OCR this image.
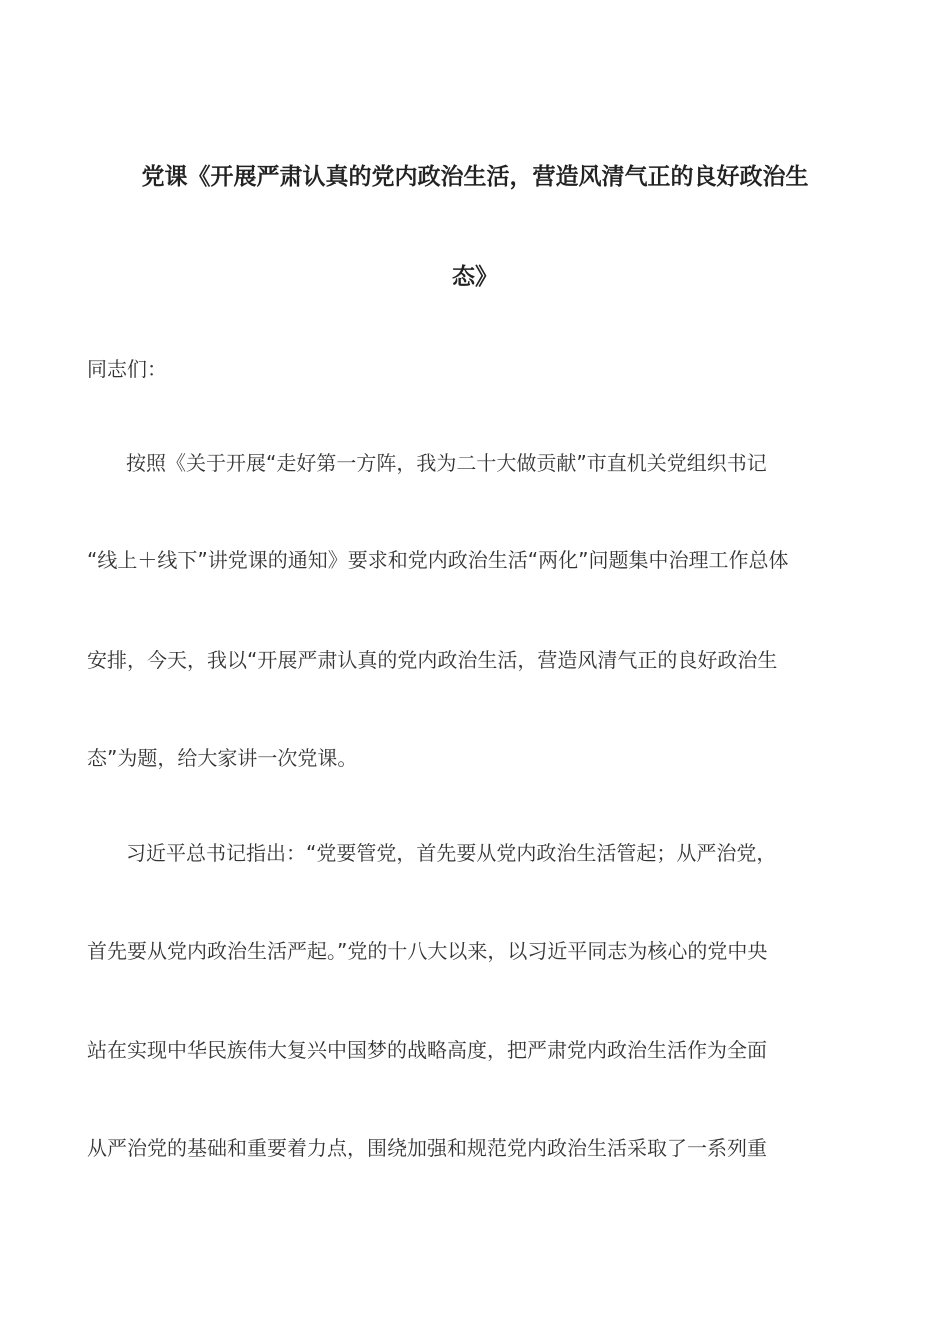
党课《开展严肃认真的党内政治生活，营造风清气正的良好政治生
态》
同志们：
按照《关于开展“走好第一方阵，我为二十大做贡献”市直机关党组织书记
“线上＋线下”讲党课的通知》要求和党内政治生活“两化”问题集中治理工作总体
安排，今天，我以“开展严肃认真的党内政治生活，营造风清气正的良好政治生
态”为题，给大家讲一次党课。
习近平总书记指出：“党要管党，首先要从党内政治生活管起；从严治党，
首先要从党内政治生活严起。”党的十八大以来，以习近平同志为核心的党中央
站在实现中华民族伟大复兴中国梦的战略高度，把严肃党内政治生活作为全面
从严治党的基础和重要着力点，围绕加强和规范党内政治生活采取了一系列重
